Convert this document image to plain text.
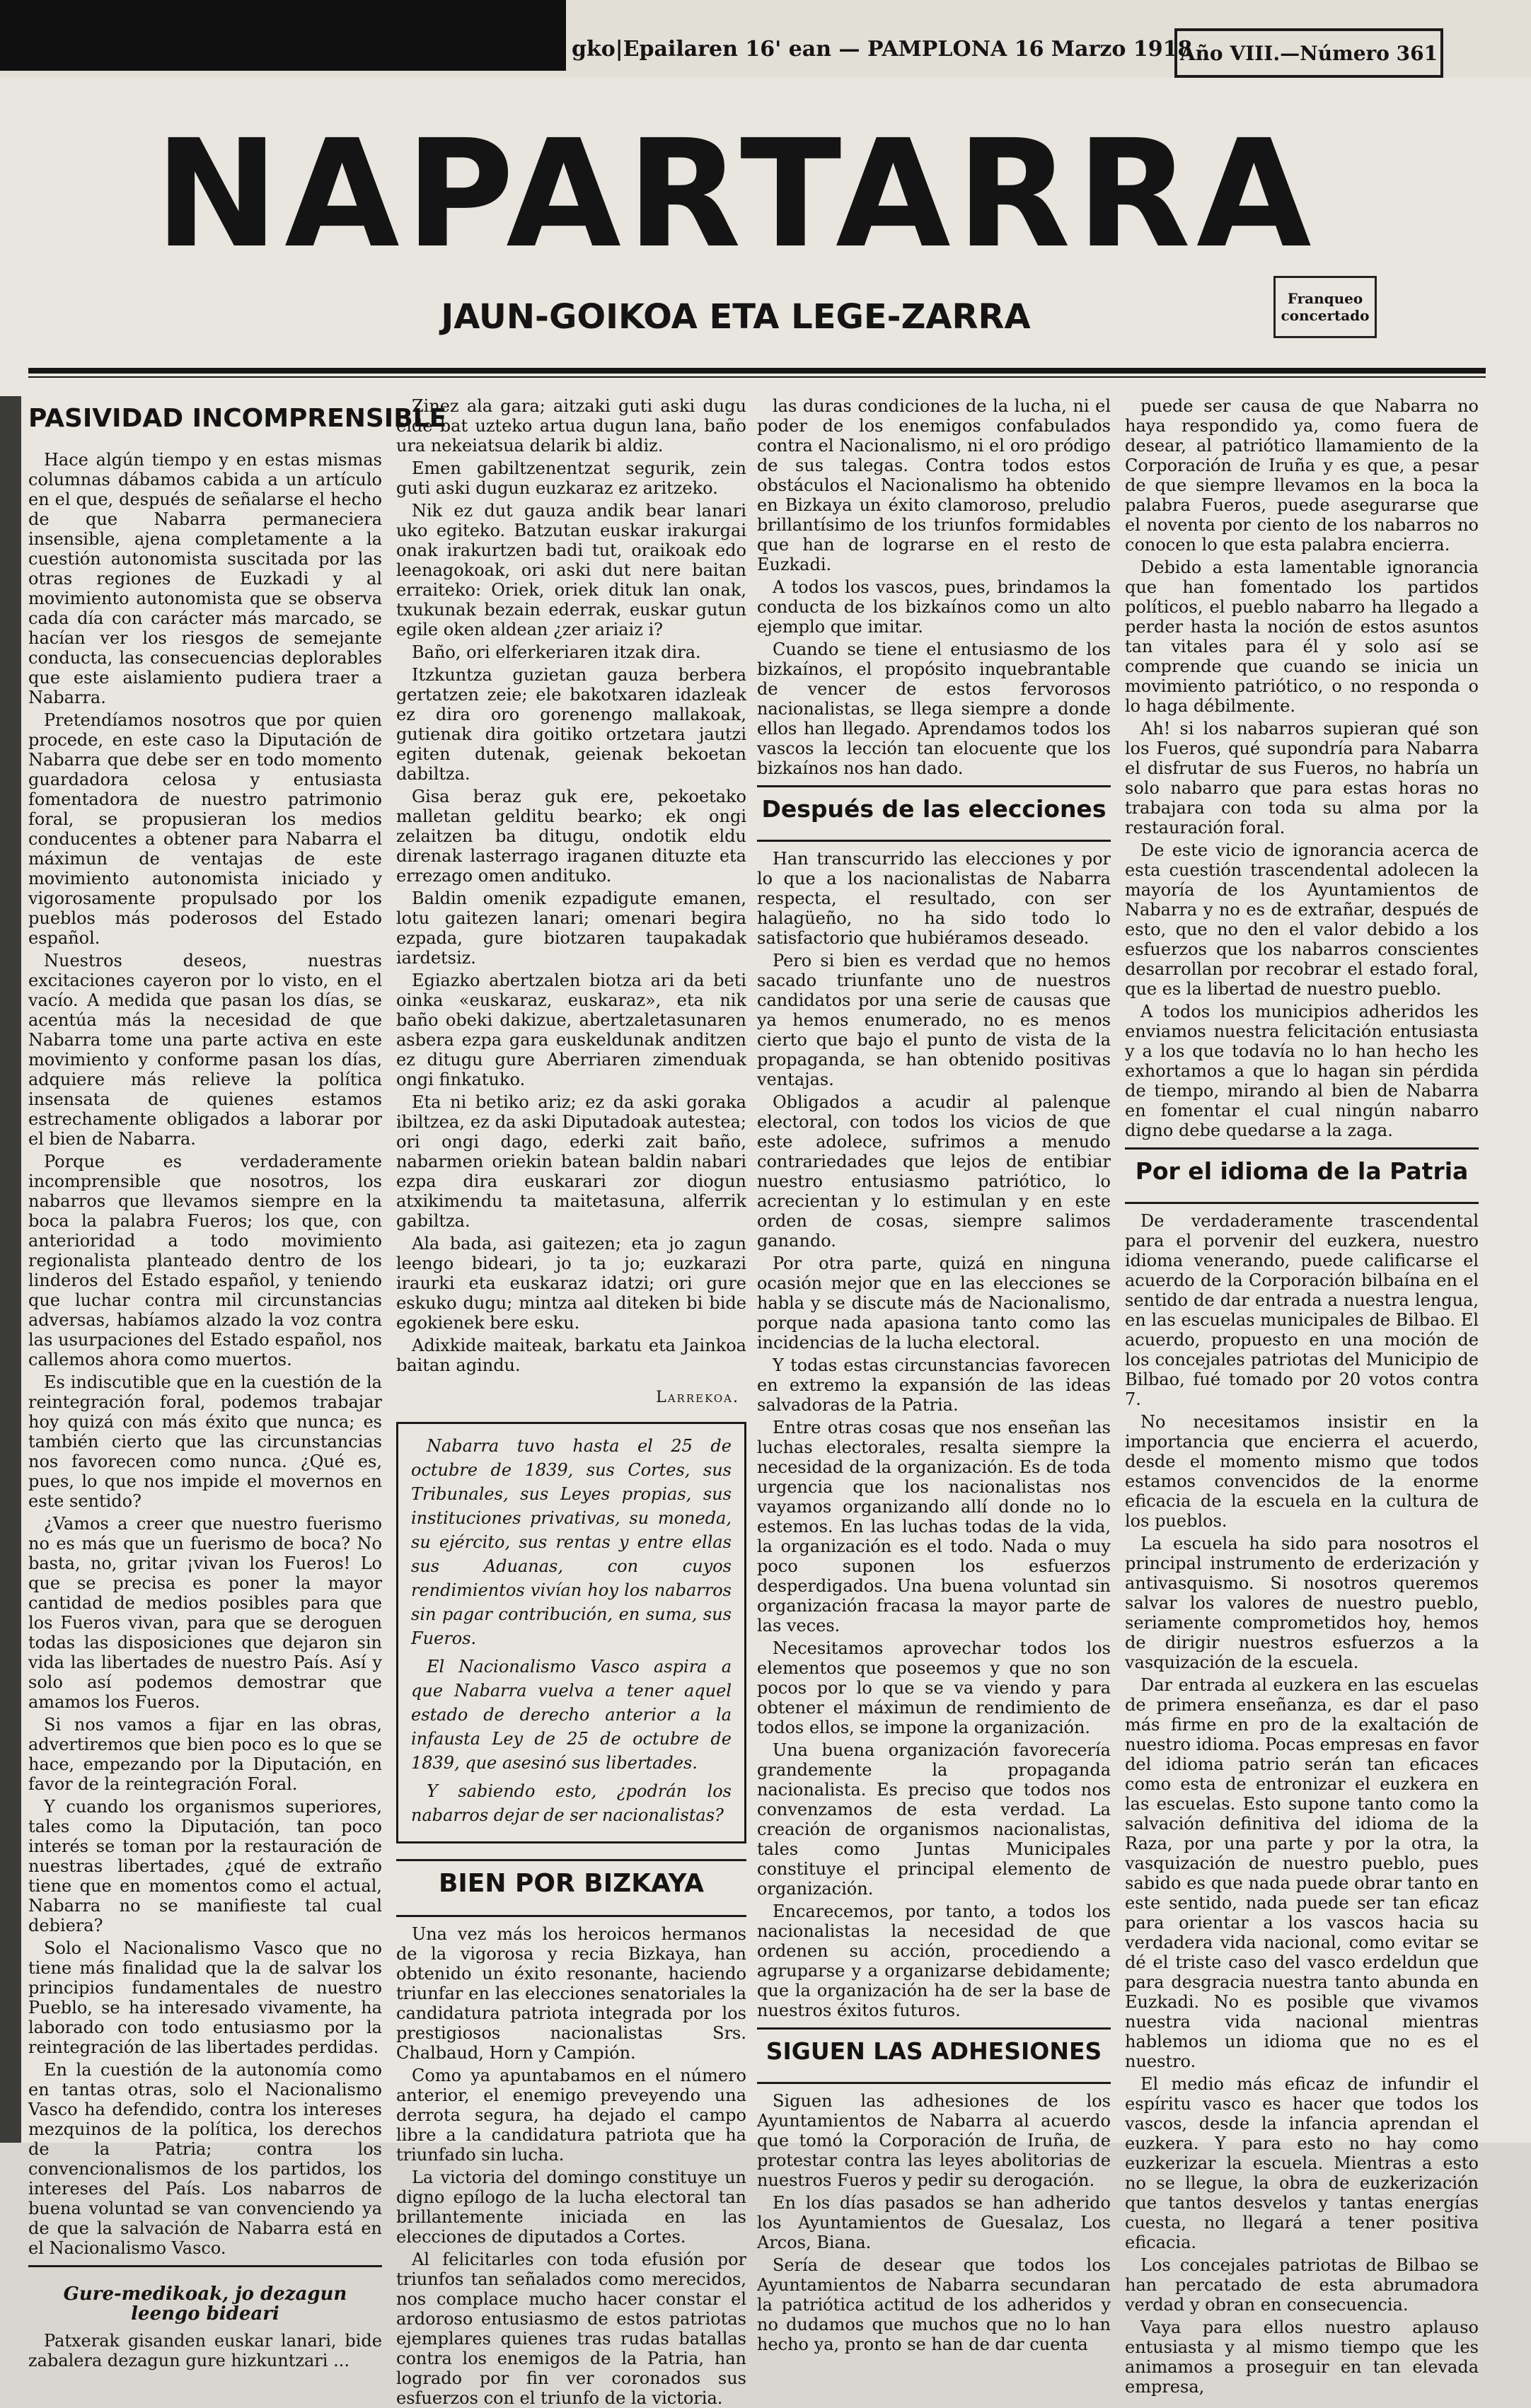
gko|Epailaren 16' ean — PAMPLONA 16 Marzo 1918
Año VIII.—Número 361
NAPARTARRA
JAUN-GOIKOA ETA LEGE-ZARRA	Franqueo concertado
PASIVIDAD INCOMPRENSIBLE

Hace algún tiempo y en estas mismas columnas dábamos cabida a un artículo en el que, después de señalarse el hecho de que Nabarra permaneciera insensible, ajena completamente a la cuestión autonomista suscitada por las otras regiones de Euzkadi y al movimiento autonomista que se observa cada día con carácter más marcado, se hacían ver los riesgos de semejante conducta, las consecuencias deplorables que este aislamiento pudiera traer a Nabarra.

Pretendíamos nosotros que por quien procede, en este caso la Diputación de Nabarra que debe ser en todo momento guardadora celosa y entusiasta fomentadora de nuestro patrimonio foral, se propusieran los medios conducentes a obtener para Nabarra el máximun de ventajas de este movimiento autonomista iniciado y vigorosamente propulsado por los pueblos más poderosos del Estado español.

Nuestros deseos, nuestras excitaciones cayeron por lo visto, en el vacío. A medida que pasan los días, se acentúa más la necesidad de que Nabarra tome una parte activa en este movimiento y conforme pasan los días, adquiere más relieve la política insensata de quienes estamos estrechamente obligados a laborar por el bien de Nabarra.

Porque es verdaderamente incomprensible que nosotros, los nabarros que llevamos siempre en la boca la palabra Fueros; los que, con anterioridad a todo movimiento regionalista planteado dentro de los linderos del Estado español, y teniendo que luchar contra mil circunstancias adversas, habíamos alzado la voz contra las usurpaciones del Estado español, nos callemos ahora como muertos.

Es indiscutible que en la cuestión de la reintegración foral, podemos trabajar hoy quizá con más éxito que nunca; es también cierto que las circunstancias nos favorecen como nunca. ¿Qué es, pues, lo que nos impide el movernos en este sentido?

¿Vamos a creer que nuestro fuerismo no es más que un fuerismo de boca? No basta, no, gritar ¡vivan los Fueros! Lo que se precisa es poner la mayor cantidad de medios posibles para que los Fueros vivan, para que se deroguen todas las disposiciones que dejaron sin vida las libertades de nuestro País. Así y solo así podemos demostrar que amamos los Fueros.

Si nos vamos a fijar en las obras, advertiremos que bien poco es lo que se hace, empezando por la Diputación, en favor de la reintegración Foral.

Y cuando los organismos superiores, tales como la Diputación, tan poco interés se toman por la restauración de nuestras libertades, ¿qué de extraño tiene que en momentos como el actual, Nabarra no se manifieste tal cual debiera?

Solo el Nacionalismo Vasco que no tiene más finalidad que la de salvar los principios fundamentales de nuestro Pueblo, se ha interesado vivamente, ha laborado con todo entusiasmo por la reintegración de las libertades perdidas.

En la cuestión de la autonomía como en tantas otras, solo el Nacionalismo Vasco ha defendido, contra los intereses mezquinos de la política, los derechos de la Patria; contra los convencionalismos de los partidos, los intereses del País. Los nabarros de buena voluntad se van convenciendo ya de que la salvación de Nabarra está en el Nacionalismo Vasco.

Gure-medikoak, jo dezagun leengo bideari

Patxerak gisanden euskar lanari, bide zabalera dezagun gure hizkuntzari ...

Zinez ala gara; aitzaki guti aski dugu eide bat uzteko artua dugun lana, baño ura nekeiatsua delarik bi aldiz.

Emen gabiltzenentzat segurik, zein guti aski dugun euzkaraz ez aritzeko.

Nik ez dut gauza andik bear lanari uko egiteko. Batzutan euskar irakurgai onak irakurtzen badi tut, oraikoak edo leenagokoak, ori aski dut nere baitan erraiteko: Oriek, oriek dituk lan onak, txukunak bezain ederrak, euskar gutun egile oken aldean ¿zer ariaiz i?

Baño, ori elferkeriaren itzak dira.

Itzkuntza guzietan gauza berbera gertatzen zeie; ele bakotxaren idazleak ez dira oro gorenengo mallakoak, gutienak dira goitiko ortzetara jautzi egiten dutenak, geienak bekoetan dabiltza.

Gisa beraz guk ere, pekoetako malletan gelditu bearko; ek ongi zelaitzen ba ditugu, ondotik eldu direnak lasterrago iraganen dituzte eta errezago omen andituko.

Baldin omenik ezpadigute emanen, lotu gaitezen lanari; omenari begira ezpada, gure biotzaren taupakadak iardetsiz.

Egiazko abertzalen biotza ari da beti oinka «euskaraz, euskaraz», eta nik baño obeki dakizue, abertzaletasunaren asbera ezpa gara euskeldunak anditzen ez ditugu gure Aberriaren zimenduak ongi finkatuko.

Eta ni betiko ariz; ez da aski goraka ibiltzea, ez da aski Diputadoak autestea; ori ongi dago, ederki zait baño, nabarmen oriekin batean baldin nabari ezpa dira euskarari zor diogun atxikimendu ta maitetasuna, alferrik gabiltza.

Ala bada, asi gaitezen; eta jo zagun leengo bideari, jo ta jo; euzkarazi iraurki eta euskaraz idatzi; ori gure eskuko dugu; mintza aal diteken bi bide egokienek bere esku.

Adixkide maiteak, barkatu eta Jainkoa baitan agindu.

Larrekoa.

Nabarra tuvo hasta el 25 de octubre de 1839, sus Cortes, sus Tribunales, sus Leyes propias, sus instituciones privativas, su moneda, su ejército, sus rentas y entre ellas sus Aduanas, con cuyos rendimientos vivían hoy los nabarros sin pagar contribución, en suma, sus Fueros.

El Nacionalismo Vasco aspira a que Nabarra vuelva a tener aquel estado de derecho anterior a la infausta Ley de 25 de octubre de 1839, que asesinó sus libertades.

Y sabiendo esto, ¿podrán los nabarros dejar de ser nacionalistas?

BIEN POR BIZKAYA

Una vez más los heroicos hermanos de la vigorosa y recia Bizkaya, han obtenido un éxito resonante, haciendo triunfar en las elecciones senatoriales la candidatura patriota integrada por los prestigiosos nacionalistas Srs. Chalbaud, Horn y Campión.

Como ya apuntabamos en el número anterior, el enemigo preveyendo una derrota segura, ha dejado el campo libre a la candidatura patriota que ha triunfado sin lucha.

La victoria del domingo constituye un digno epílogo de la lucha electoral tan brillantemente iniciada en las elecciones de diputados a Cortes.

Al felicitarles con toda efusión por triunfos tan señalados como merecidos, nos complace mucho hacer constar el ardoroso entusiasmo de estos patriotas ejemplares quienes tras rudas batallas contra los enemigos de la Patria, han logrado por fin ver coronados sus esfuerzos con el triunfo de la victoria.

las duras condiciones de la lucha, ni el poder de los enemigos confabulados contra el Nacionalismo, ni el oro pródigo de sus talegas. Contra todos estos obstáculos el Nacionalismo ha obtenido en Bizkaya un éxito clamoroso, preludio brillantísimo de los triunfos formidables que han de lograrse en el resto de Euzkadi.

A todos los vascos, pues, brindamos la conducta de los bizkaínos como un alto ejemplo que imitar.

Cuando se tiene el entusiasmo de los bizkaínos, el propósito inquebrantable de vencer de estos fervorosos nacionalistas, se llega siempre a donde ellos han llegado. Aprendamos todos los vascos la lección tan elocuente que los bizkaínos nos han dado.

Después de las elecciones

Han transcurrido las elecciones y por lo que a los nacionalistas de Nabarra respecta, el resultado, con ser halagüeño, no ha sido todo lo satisfactorio que hubiéramos deseado.

Pero si bien es verdad que no hemos sacado triunfante uno de nuestros candidatos por una serie de causas que ya hemos enumerado, no es menos cierto que bajo el punto de vista de la propaganda, se han obtenido positivas ventajas.

Obligados a acudir al palenque electoral, con todos los vicios de que este adolece, sufrimos a menudo contrariedades que lejos de entibiar nuestro entusiasmo patriótico, lo acrecientan y lo estimulan y en este orden de cosas, siempre salimos ganando.

Por otra parte, quizá en ninguna ocasión mejor que en las elecciones se habla y se discute más de Nacionalismo, porque nada apasiona tanto como las incidencias de la lucha electoral.

Y todas estas circunstancias favorecen en extremo la expansión de las ideas salvadoras de la Patria.

Entre otras cosas que nos enseñan las luchas electorales, resalta siempre la necesidad de la organización. Es de toda urgencia que los nacionalistas nos vayamos organizando allí donde no lo estemos. En las luchas todas de la vida, la organización es el todo. Nada o muy poco suponen los esfuerzos desperdigados. Una buena voluntad sin organización fracasa la mayor parte de las veces.

Necesitamos aprovechar todos los elementos que poseemos y que no son pocos por lo que se va viendo y para obtener el máximun de rendimiento de todos ellos, se impone la organización.

Una buena organización favorecería grandemente la propaganda nacionalista. Es preciso que todos nos convenzamos de esta verdad. La creación de organismos nacionalistas, tales como Juntas Municipales constituye el principal elemento de organización.

Encarecemos, por tanto, a todos los nacionalistas la necesidad de que ordenen su acción, procediendo a agruparse y a organizarse debidamente; que la organización ha de ser la base de nuestros éxitos futuros.

SIGUEN LAS ADHESIONES

Siguen las adhesiones de los Ayuntamientos de Nabarra al acuerdo que tomó la Corporación de Iruña, de protestar contra las leyes abolitorias de nuestros Fueros y pedir su derogación.

En los días pasados se han adherido los Ayuntamientos de Guesalaz, Los Arcos, Biana.

Sería de desear que todos los Ayuntamientos de Nabarra secundaran la patriótica actitud de los adheridos y no dudamos que muchos que no lo han hecho ya, pronto se han de dar cuenta

puede ser causa de que Nabarra no haya respondido ya, como fuera de desear, al patriótico llamamiento de la Corporación de Iruña y es que, a pesar de que siempre llevamos en la boca la palabra Fueros, puede asegurarse que el noventa por ciento de los nabarros no conocen lo que esta palabra encierra.

Debido a esta lamentable ignorancia que han fomentado los partidos políticos, el pueblo nabarro ha llegado a perder hasta la noción de estos asuntos tan vitales para él y solo así se comprende que cuando se inicia un movimiento patriótico, o no responda o lo haga débilmente.

Ah! si los nabarros supieran qué son los Fueros, qué supondría para Nabarra el disfrutar de sus Fueros, no habría un solo nabarro que para estas horas no trabajara con toda su alma por la restauración foral.

De este vicio de ignorancia acerca de esta cuestión trascendental adolecen la mayoría de los Ayuntamientos de Nabarra y no es de extrañar, después de esto, que no den el valor debido a los esfuerzos que los nabarros conscientes desarrollan por recobrar el estado foral, que es la libertad de nuestro pueblo.

A todos los municipios adheridos les enviamos nuestra felicitación entusiasta y a los que todavía no lo han hecho les exhortamos a que lo hagan sin pérdida de tiempo, mirando al bien de Nabarra en fomentar el cual ningún nabarro digno debe quedarse a la zaga.

Por el idioma de la Patria

De verdaderamente trascendental para el porvenir del euzkera, nuestro idioma venerando, puede calificarse el acuerdo de la Corporación bilbaína en el sentido de dar entrada a nuestra lengua, en las escuelas municipales de Bilbao. El acuerdo, propuesto en una moción de los concejales patriotas del Municipio de Bilbao, fué tomado por 20 votos contra 7.

No necesitamos insistir en la importancia que encierra el acuerdo, desde el momento mismo que todos estamos convencidos de la enorme eficacia de la escuela en la cultura de los pueblos.

La escuela ha sido para nosotros el principal instrumento de erderización y antivasquismo. Si nosotros queremos salvar los valores de nuestro pueblo, seriamente comprometidos hoy, hemos de dirigir nuestros esfuerzos a la vasquización de la escuela.

Dar entrada al euzkera en las escuelas de primera enseñanza, es dar el paso más firme en pro de la exaltación de nuestro idioma. Pocas empresas en favor del idioma patrio serán tan eficaces como esta de entronizar el euzkera en las escuelas. Esto supone tanto como la salvación definitiva del idioma de la Raza, por una parte y por la otra, la vasquización de nuestro pueblo, pues sabido es que nada puede obrar tanto en este sentido, nada puede ser tan eficaz para orientar a los vascos hacia su verdadera vida nacional, como evitar se dé el triste caso del vasco erdeldun que para desgracia nuestra tanto abunda en Euzkadi. No es posible que vivamos nuestra vida nacional mientras hablemos un idioma que no es el nuestro.

El medio más eficaz de infundir el espíritu vasco es hacer que todos los vascos, desde la infancia aprendan el euzkera. Y para esto no hay como euzkerizar la escuela. Mientras a esto no se llegue, la obra de euzkerización que tantos desvelos y tantas energías cuesta, no llegará a tener positiva eficacia.

Los concejales patriotas de Bilbao se han percatado de esta abrumadora verdad y obran en consecuencia.

Vaya para ellos nuestro aplauso entusiasta y al mismo tiempo que les animamos a proseguir en tan elevada empresa,
